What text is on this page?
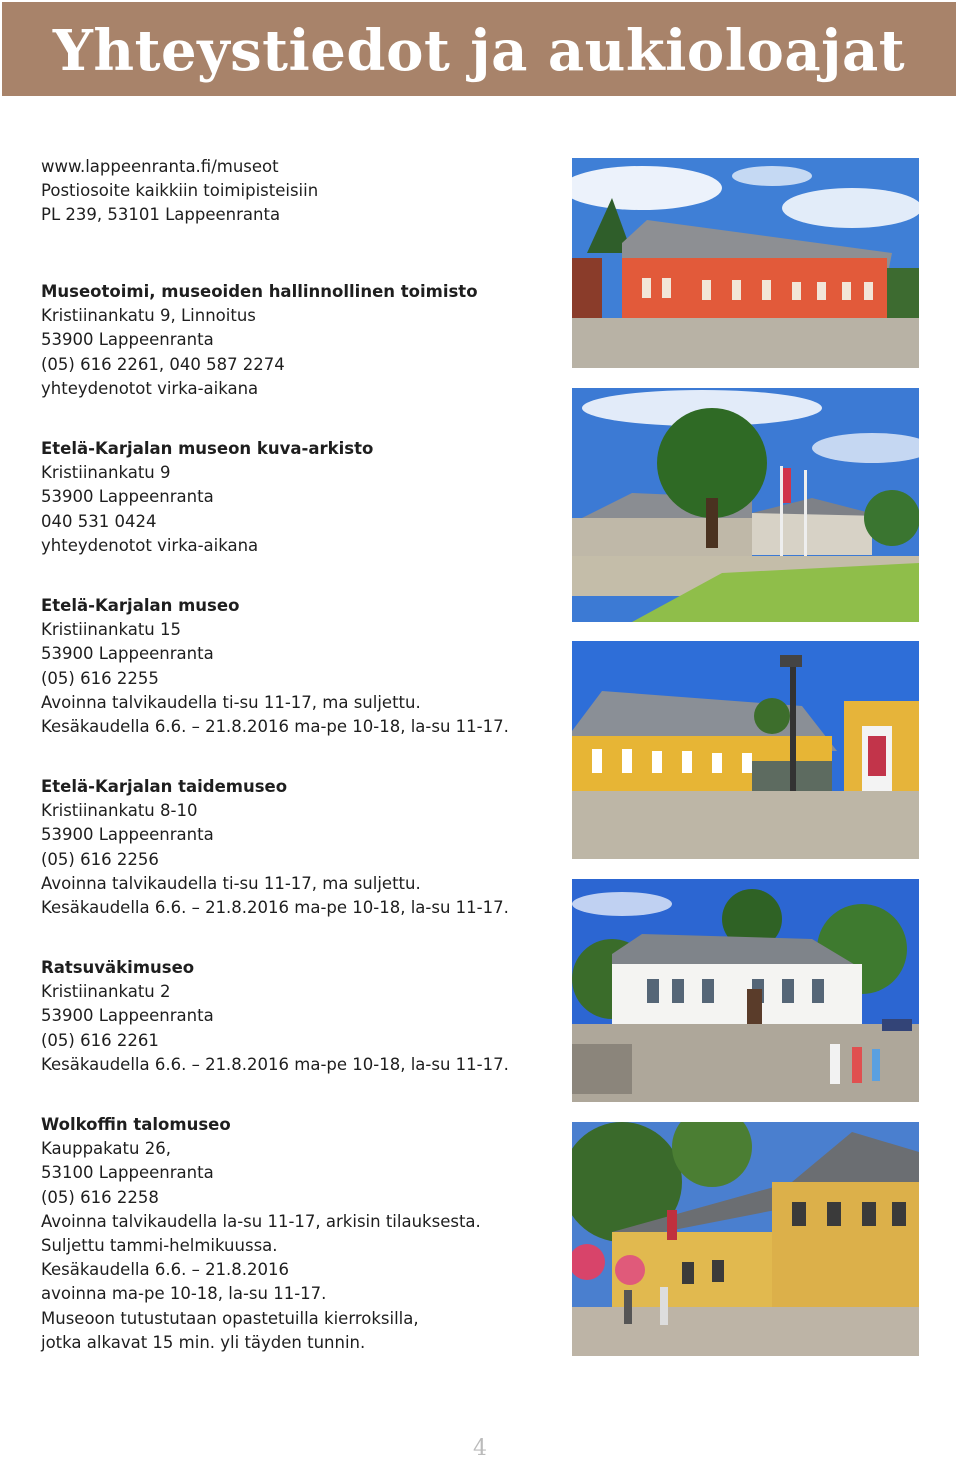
Yhteystiedot ja aukioloajat
www.lappeenranta.fi/museot
Postiosoite kaikkiin toimipisteisiin
PL 239, 53101 Lappeenranta
Museotoimi, museoiden hallinnollinen toimisto
Kristiinankatu 9, Linnoitus
53900 Lappeenranta
(05) 616 2261, 040 587 2274
yhteydenotot virka-aikana
Etelä-Karjalan museon kuva-arkisto
Kristiinankatu 9
53900 Lappeenranta
040 531 0424
yhteydenotot virka-aikana
Etelä-Karjalan museo
Kristiinankatu 15
53900 Lappeenranta
(05) 616 2255
Avoinna talvikaudella ti-su 11-17, ma suljettu.
Kesäkaudella 6.6. – 21.8.2016 ma-pe 10-18, la-su 11-17.
Etelä-Karjalan taidemuseo
Kristiinankatu 8-10
53900 Lappeenranta
(05) 616 2256
Avoinna talvikaudella ti-su 11-17, ma suljettu.
Kesäkaudella 6.6. – 21.8.2016 ma-pe 10-18, la-su 11-17.
Ratsuväkimuseo
Kristiinankatu 2
53900 Lappeenranta
(05) 616 2261
Kesäkaudella 6.6. – 21.8.2016 ma-pe 10-18, la-su 11-17.
Wolkoffin talomuseo
Kauppakatu 26,
53100 Lappeenranta
(05) 616 2258
Avoinna talvikaudella la-su 11-17, arkisin tilauksesta.
Suljettu tammi-helmikuussa.
Kesäkaudella 6.6. – 21.8.2016
avoinna ma-pe 10-18, la-su 11-17.
Museoon tutustutaan opastetuilla kierroksilla,
jotka alkavat 15 min. yli täyden tunnin.
4
